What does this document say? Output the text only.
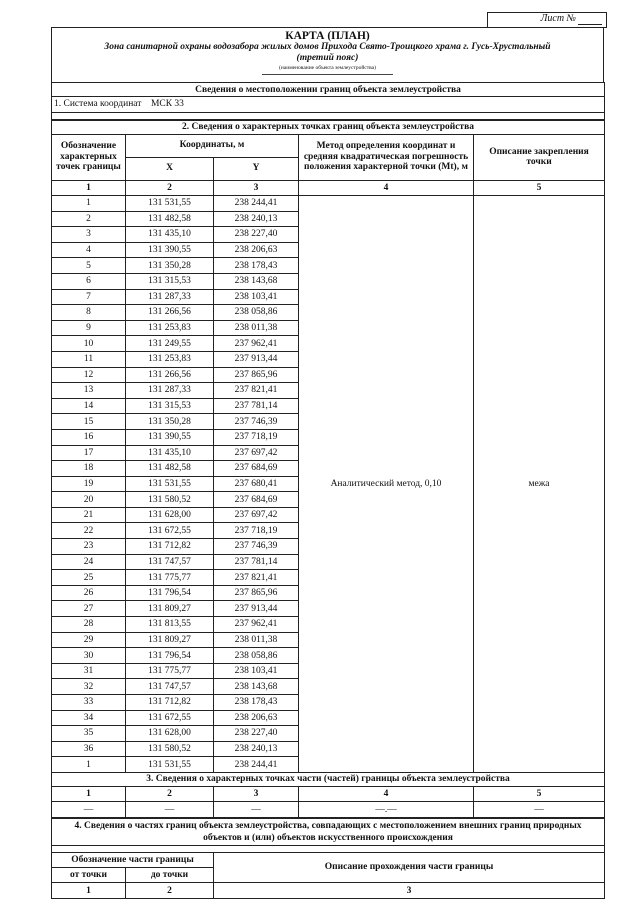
Лист №
КАРТА (ПЛАН)
Зона санитарной охраны водозабора жилых домов Прихода Свято-Троицкого храма г. Гусь-Хрустальный
(третий пояс)
(наименование объекта землеустройства)
Сведения о местоположении границ объекта землеустройства
1. Система координат МСК 33

2. Сведения о характерных точках границ объекта землеустройства				
Обозначение характерных точек границы	Координаты, м		Метод определения координат и средняя квадратическая погрешность положения характерной точки (Mt), м	Описание закрепления точки
	X	Y		
1	2	3	4	5
1	131 531,55	238 244,41	Аналитический метод, 0,10	межа
2	131 482,58	238 240,13		
3	131 435,10	238 227,40		
4	131 390,55	238 206,63		
5	131 350,28	238 178,43		
6	131 315,53	238 143,68		
7	131 287,33	238 103,41		
8	131 266,56	238 058,86		
9	131 253,83	238 011,38		
10	131 249,55	237 962,41		
11	131 253,83	237 913,44		
12	131 266,56	237 865,96		
13	131 287,33	237 821,41		
14	131 315,53	237 781,14		
15	131 350,28	237 746,39		
16	131 390,55	237 718,19		
17	131 435,10	237 697,42		
18	131 482,58	237 684,69		
19	131 531,55	237 680,41		
20	131 580,52	237 684,69		
21	131 628,00	237 697,42		
22	131 672,55	237 718,19		
23	131 712,82	237 746,39		
24	131 747,57	237 781,14		
25	131 775,77	237 821,41		
26	131 796,54	237 865,96		
27	131 809,27	237 913,44		
28	131 813,55	237 962,41		
29	131 809,27	238 011,38		
30	131 796,54	238 058,86		
31	131 775,77	238 103,41		
32	131 747,57	238 143,68		
33	131 712,82	238 178,43		
34	131 672,55	238 206,63		
35	131 628,00	238 227,40		
36	131 580,52	238 240,13		
1	131 531,55	238 244,41		
3. Сведения о характерных точках части (частей) границы объекта землеустройства				
1	2	3	4	5
—	—	—	—.—	—
4. Сведения о частях границ объекта землеустройства, совпадающих с местоположением внешних границ природных объектов и (или) объектов искусственного происхождения		

Обозначение части границы		Описание прохождения части границы
от точки	до точки	
1	2	3
